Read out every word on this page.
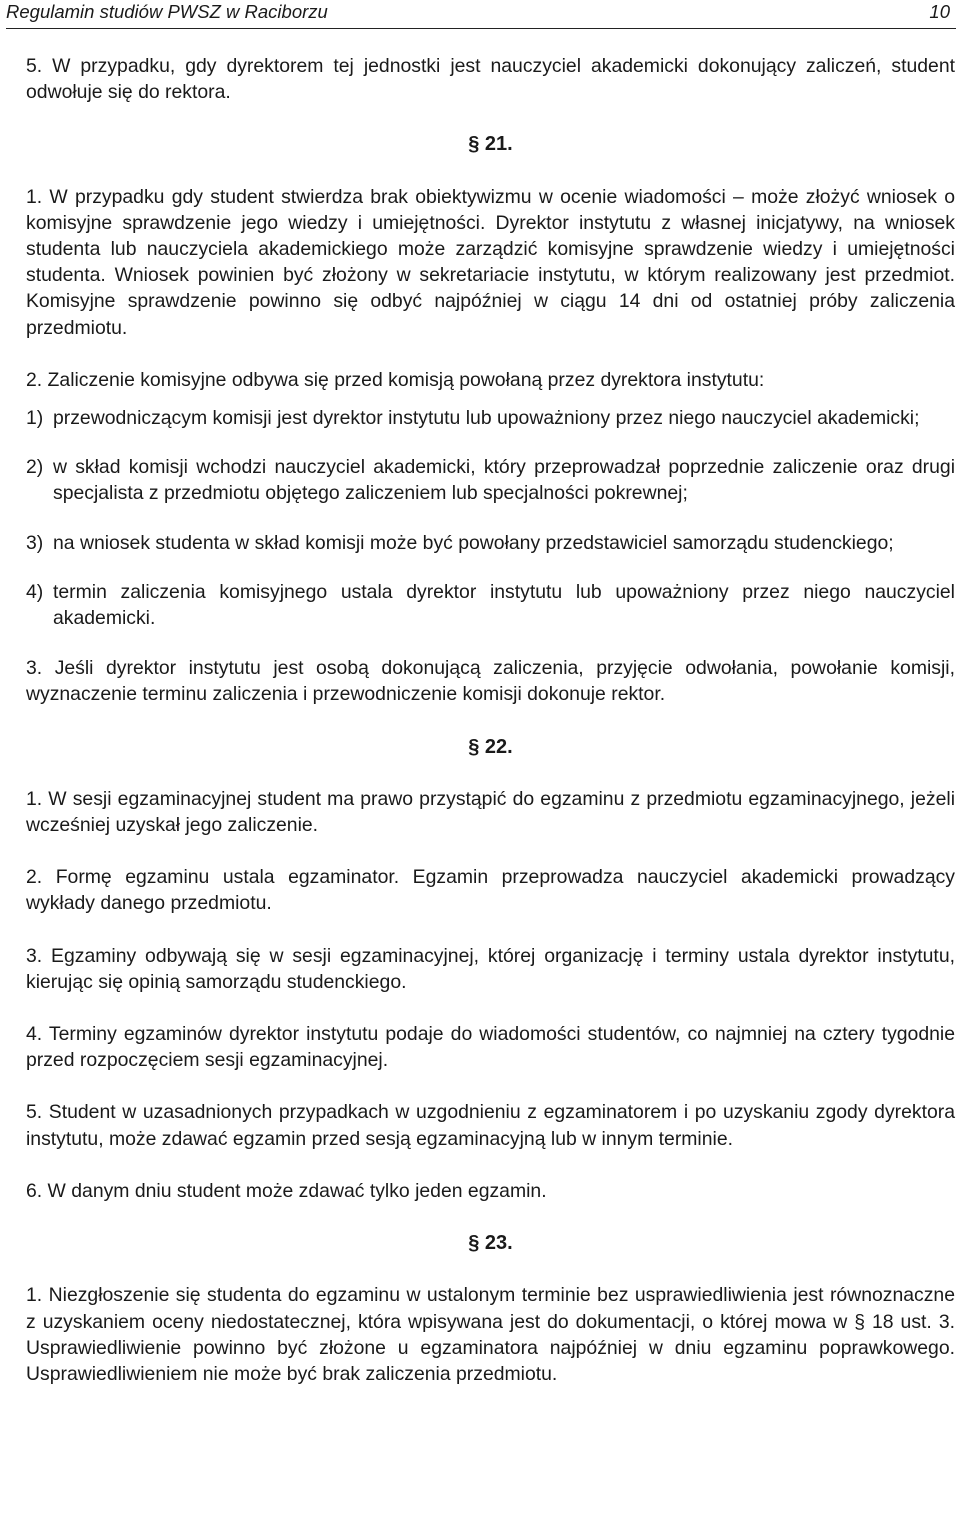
Regulamin studiów PWSZ w Raciborzu	10

5. W przypadku, gdy dyrektorem tej jednostki jest nauczyciel akademicki dokonujący zaliczeń, student odwołuje się do rektora.

§ 21.

1. W przypadku gdy student stwierdza brak obiektywizmu w ocenie wiadomości – może złożyć wniosek o komisyjne sprawdzenie jego wiedzy i umiejętności. Dyrektor instytutu z własnej inicjatywy, na wniosek studenta lub nauczyciela akademickiego może zarządzić komisyjne sprawdzenie wiedzy i umiejętności studenta. Wniosek powinien być złożony w sekretariacie instytutu, w którym realizowany jest przedmiot. Komisyjne sprawdzenie powinno się odbyć najpóźniej w ciągu 14 dni od ostatniej próby zaliczenia przedmiotu.

2. Zaliczenie komisyjne odbywa się przed komisją powołaną przez dyrektora instytutu:

1) przewodniczącym komisji jest dyrektor instytutu lub upoważniony przez niego nauczyciel akademicki;
2) w skład komisji wchodzi nauczyciel akademicki, który przeprowadzał poprzednie zaliczenie oraz drugi specjalista z przedmiotu objętego zaliczeniem lub specjalności pokrewnej;
3) na wniosek studenta w skład komisji może być powołany przedstawiciel samorządu studenckiego;
4) termin zaliczenia komisyjnego ustala dyrektor instytutu lub upoważniony przez niego nauczyciel akademicki.

3. Jeśli dyrektor instytutu jest osobą dokonującą zaliczenia, przyjęcie odwołania, powołanie komisji, wyznaczenie terminu zaliczenia i przewodniczenie komisji dokonuje rektor.

§ 22.

1. W sesji egzaminacyjnej student ma prawo przystąpić do egzaminu z przedmiotu egzaminacyjnego, jeżeli wcześniej uzyskał jego zaliczenie.

2. Formę egzaminu ustala egzaminator. Egzamin przeprowadza nauczyciel akademicki prowadzący wykłady danego przedmiotu.

3. Egzaminy odbywają się w sesji egzaminacyjnej, której organizację i terminy ustala dyrektor instytutu, kierując się opinią samorządu studenckiego.

4. Terminy egzaminów dyrektor instytutu podaje do wiadomości studentów, co najmniej na cztery tygodnie przed rozpoczęciem sesji egzaminacyjnej.

5. Student w uzasadnionych przypadkach w uzgodnieniu z egzaminatorem i po uzyskaniu zgody dyrektora instytutu, może zdawać egzamin przed sesją egzaminacyjną lub w innym terminie.

6. W danym dniu student może zdawać tylko jeden egzamin.

§ 23.

1. Niezgłoszenie się studenta do egzaminu w ustalonym terminie bez usprawiedliwienia jest równoznaczne z uzyskaniem oceny niedostatecznej, która wpisywana jest do dokumentacji, o której mowa w § 18 ust. 3. Usprawiedliwienie powinno być złożone u egzaminatora najpóźniej w dniu egzaminu poprawkowego. Usprawiedliwieniem nie może być brak zaliczenia przedmiotu.
